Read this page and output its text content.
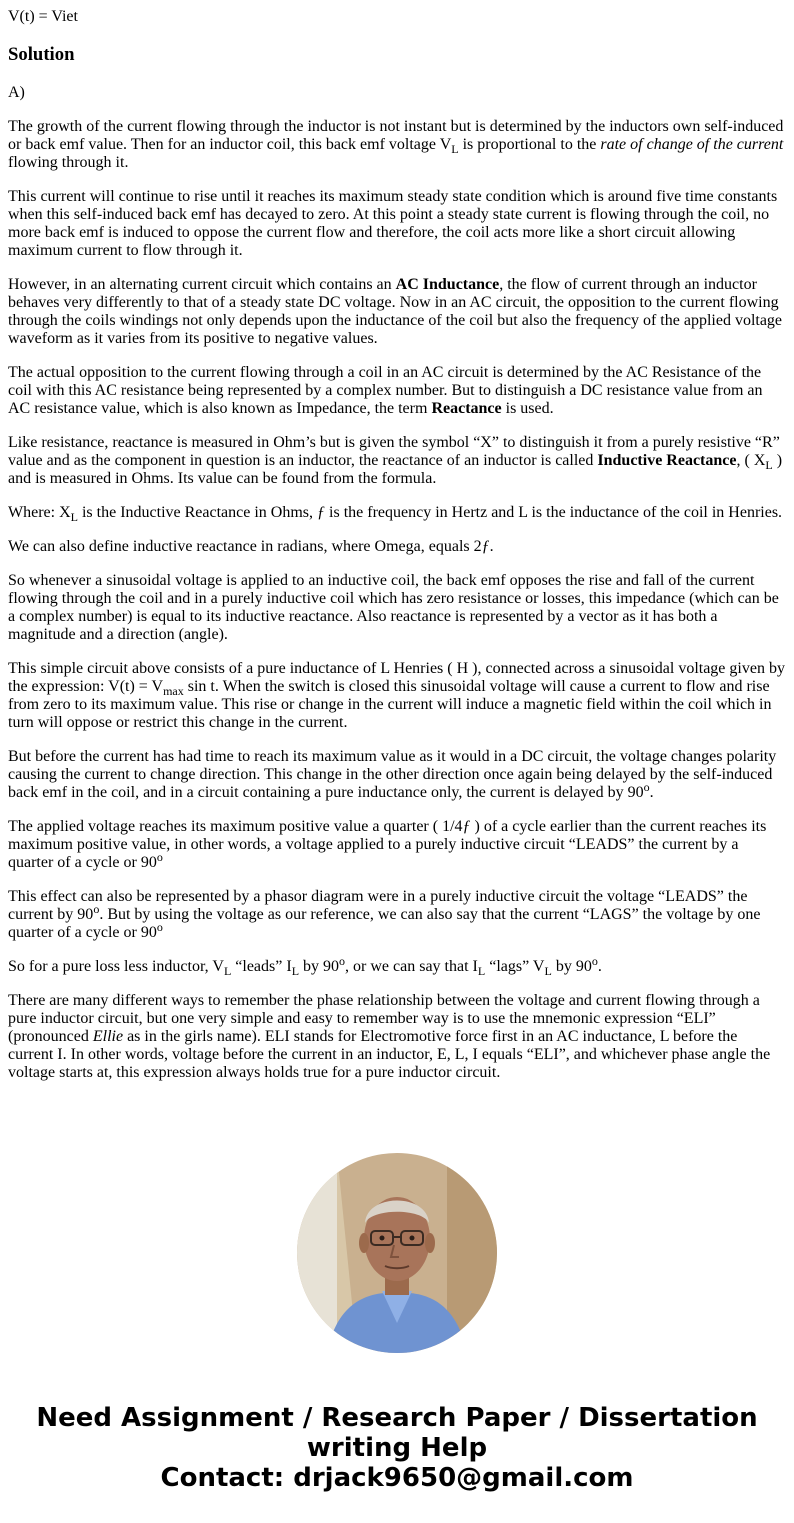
V(t) = Viet

Solution

A)

The growth of the current flowing through the inductor is not instant but is determined by the inductors own self-induced or back emf value. Then for an inductor coil, this back emf voltage $V_L$ is proportional to the rate of change of the current flowing through it.

This current will continue to rise until it reaches its maximum steady state condition which is around five time constants when this self-induced back emf has decayed to zero. At this point a steady state current is flowing through the coil, no more back emf is induced to oppose the current flow and therefore, the coil acts more like a short circuit allowing maximum current to flow through it.

However, in an alternating current circuit which contains an AC Inductance, the flow of current through an inductor behaves very differently to that of a steady state DC voltage. Now in an AC circuit, the opposition to the current flowing through the coils windings not only depends upon the inductance of the coil but also the frequency of the applied voltage waveform as it varies from its positive to negative values.

The actual opposition to the current flowing through a coil in an AC circuit is determined by the AC Resistance of the coil with this AC resistance being represented by a complex number. But to distinguish a DC resistance value from an AC resistance value, which is also known as Impedance, the term Reactance is used.

Like resistance, reactance is measured in Ohm’s but is given the symbol “X” to distinguish it from a purely resistive “R” value and as the component in question is an inductor, the reactance of an inductor is called Inductive Reactance, ( $X_L$ ) and is measured in Ohms. Its value can be found from the formula.

Where: $X_L$ is the Inductive Reactance in Ohms, ƒ is the frequency in Hertz and L is the inductance of the coil in Henries.

We can also define inductive reactance in radians, where Omega, equals 2ƒ.

So whenever a sinusoidal voltage is applied to an inductive coil, the back emf opposes the rise and fall of the current flowing through the coil and in a purely inductive coil which has zero resistance or losses, this impedance (which can be a complex number) is equal to its inductive reactance. Also reactance is represented by a vector as it has both a magnitude and a direction (angle).

This simple circuit above consists of a pure inductance of L Henries ( H ), connected across a sinusoidal voltage given by the expression: $V(t) = V_{max}$ sin t. When the switch is closed this sinusoidal voltage will cause a current to flow and rise from zero to its maximum value. This rise or change in the current will induce a magnetic field within the coil which in turn will oppose or restrict this change in the current.

But before the current has had time to reach its maximum value as it would in a DC circuit, the voltage changes polarity causing the current to change direction. This change in the other direction once again being delayed by the self-induced back emf in the coil, and in a circuit containing a pure inductance only, the current is delayed by 90$^o$.

The applied voltage reaches its maximum positive value a quarter ( 1/4ƒ ) of a cycle earlier than the current reaches its maximum positive value, in other words, a voltage applied to a purely inductive circuit “LEADS” the current by a quarter of a cycle or 90$^o$

This effect can also be represented by a phasor diagram were in a purely inductive circuit the voltage “LEADS” the current by 90$^o$. But by using the voltage as our reference, we can also say that the current “LAGS” the voltage by one quarter of a cycle or 90$^o$

So for a pure loss less inductor, $V_L$ “leads” $I_L$ by 90$^o$, or we can say that $I_L$ “lags” $V_L$ by 90$^o$.

There are many different ways to remember the phase relationship between the voltage and current flowing through a pure inductor circuit, but one very simple and easy to remember way is to use the mnemonic expression “ELI” (pronounced Ellie as in the girls name). ELI stands for Electromotive force first in an AC inductance, L before the current I. In other words, voltage before the current in an inductor, E, L, I equals “ELI”, and whichever phase angle the voltage starts at, this expression always holds true for a pure inductor circuit.

Need Assignment / Research Paper / Dissertation
writing Help
Contact: drjack9650@gmail.com
